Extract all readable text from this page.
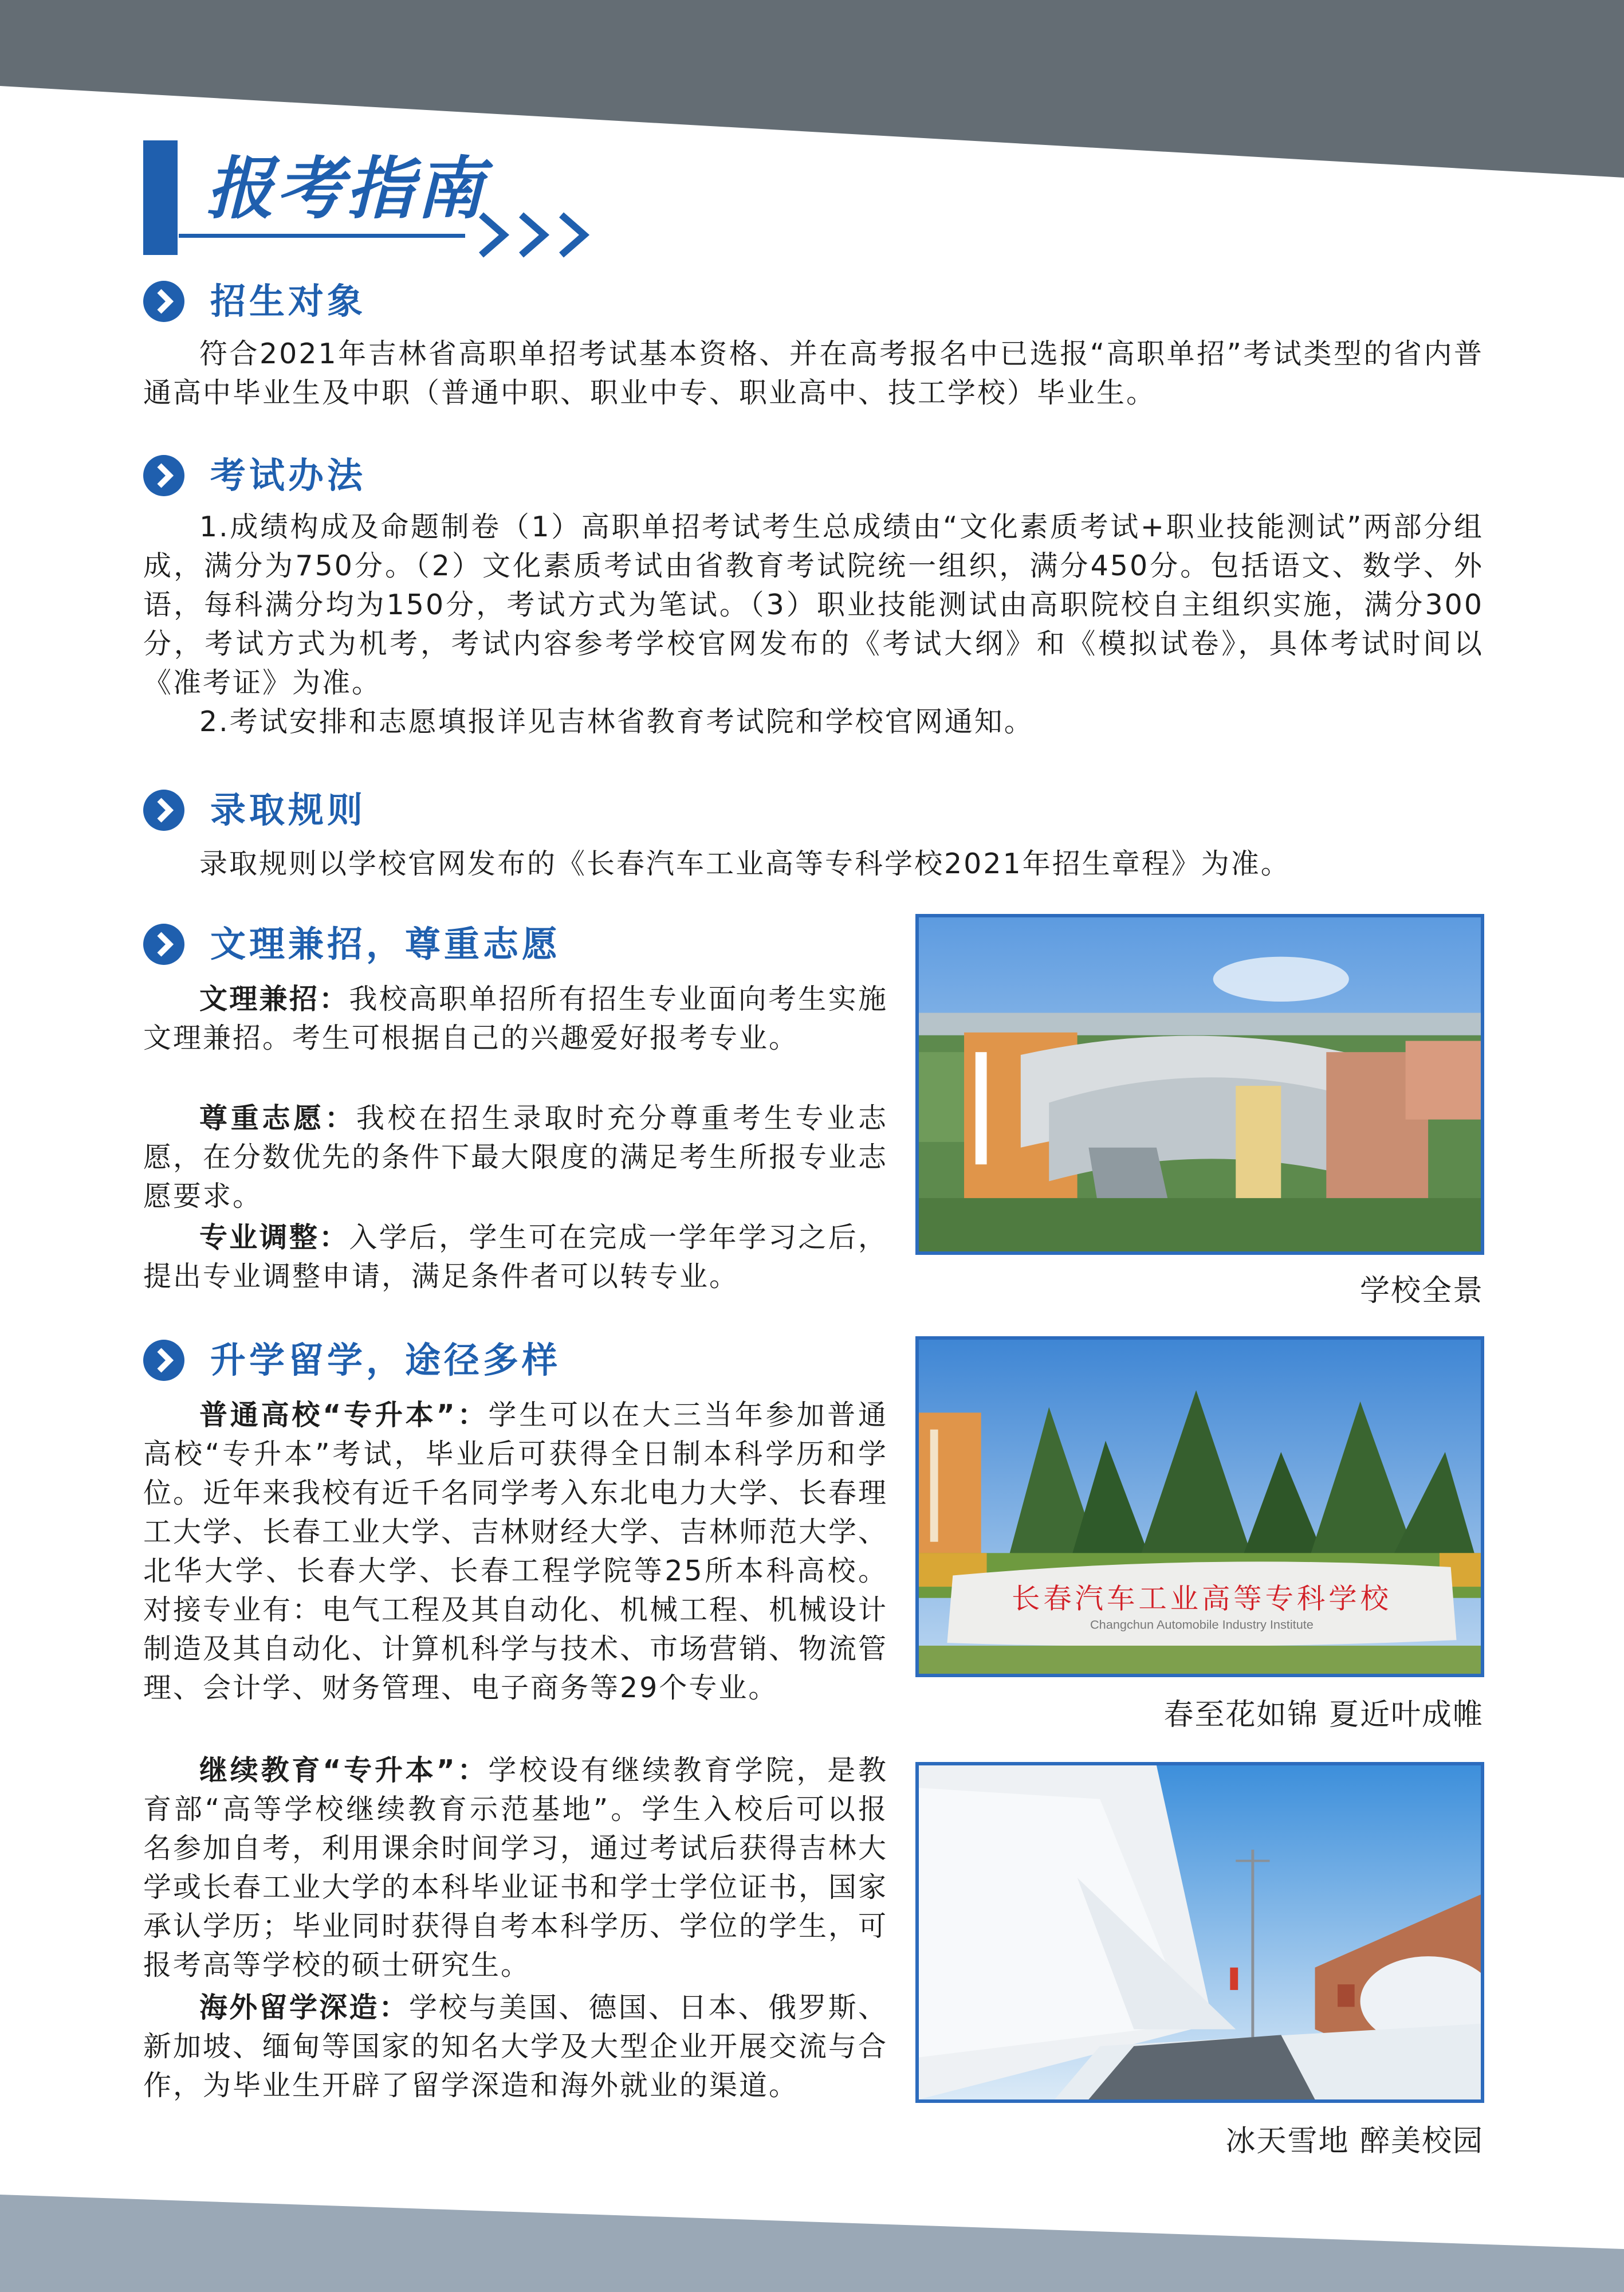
报考指南
招生对象

符合2021年吉林省高职单招考试基本资格、并在高考报名中已选报“高职单招”考试类型的省内普通高中毕业生及中职（普通中职、职业中专、职业高中、技工学校）毕业生。

考试办法

1.成绩构成及命题制卷（1）高职单招考试考生总成绩由“文化素质考试+职业技能测试”两部分组成，满分为750分。（2）文化素质考试由省教育考试院统一组织，满分450分。包括语文、数学、外语，每科满分均为150分，考试方式为笔试。（3）职业技能测试由高职院校自主组织实施，满分300分，考试方式为机考，考试内容参考学校官网发布的《考试大纲》和《模拟试卷》，具体考试时间以《准考证》为准。

2.考试安排和志愿填报详见吉林省教育考试院和学校官网通知。

录取规则

录取规则以学校官网发布的《长春汽车工业高等专科学校2021年招生章程》为准。

文理兼招，尊重志愿

文理兼招：我校高职单招所有招生专业面向考生实施文理兼招。考生可根据自己的兴趣爱好报考专业。

尊重志愿：我校在招生录取时充分尊重考生专业志愿，在分数优先的条件下最大限度的满足考生所报专业志愿要求。

专业调整：入学后，学生可在完成一学年学习之后，提出专业调整申请，满足条件者可以转专业。	学校全景
升学留学，途径多样

普通高校“专升本”：学生可以在大三当年参加普通高校“专升本”考试，毕业后可获得全日制本科学历和学位。近年来我校有近千名同学考入东北电力大学、长春理工大学、长春工业大学、吉林财经大学、吉林师范大学、北华大学、长春大学、长春工程学院等25所本科高校。对接专业有：电气工程及其自动化、机械工程、机械设计制造及其自动化、计算机科学与技术、市场营销、物流管理、会计学、财务管理、电子商务等29个专业。

继续教育“专升本”：学校设有继续教育学院，是教育部“高等学校继续教育示范基地”。学生入校后可以报名参加自考，利用课余时间学习，通过考试后获得吉林大学或长春工业大学的本科毕业证书和学士学位证书，国家承认学历；毕业同时获得自考本科学历、学位的学生，可报考高等学校的硕士研究生。

海外留学深造：学校与美国、德国、日本、俄罗斯、新加坡、缅甸等国家的知名大学及大型企业开展交流与合作，为毕业生开辟了留学深造和海外就业的渠道。

长春汽车工业高等专科学校
Changchun Automobile Industry Institute
春至花如锦 夏近叶成帷
冰天雪地 醉美校园
